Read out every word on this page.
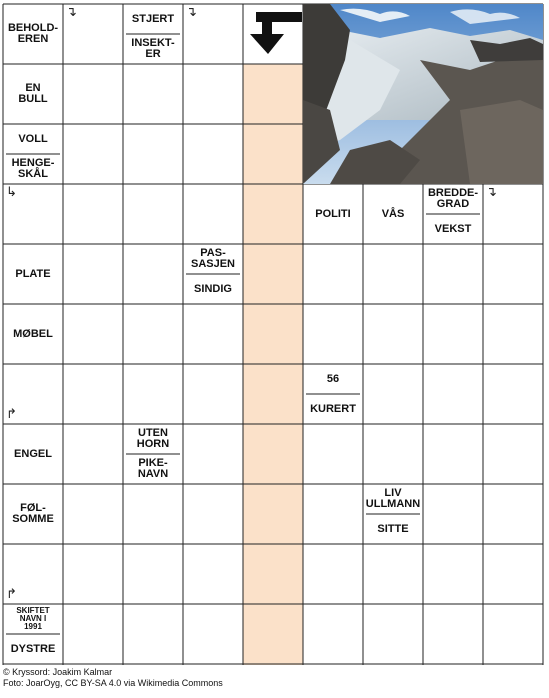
BEHOLD-
EREN
STJERT
INSEKT-
ER
EN
BULL
VOLL
HENGE-
SKÅL
POLITI	VÅS
BREDDE-
GRAD
VEKST
PLATE
PAS-
SASJEN
SINDIG
MØBEL
56
KURERT
ENGEL
UTEN
HORN
PIKE-
NAVN
FØL-
SOMME
LIV
ULLMANN
SITTE
SKIFTET
NAVN I
1991
DYSTRE
↴	↴
↳	↴
↱
↱
© Kryssord: Joakim Kalmar
Foto: JoarOyg, CC BY-SA 4.0 via Wikimedia Commons
